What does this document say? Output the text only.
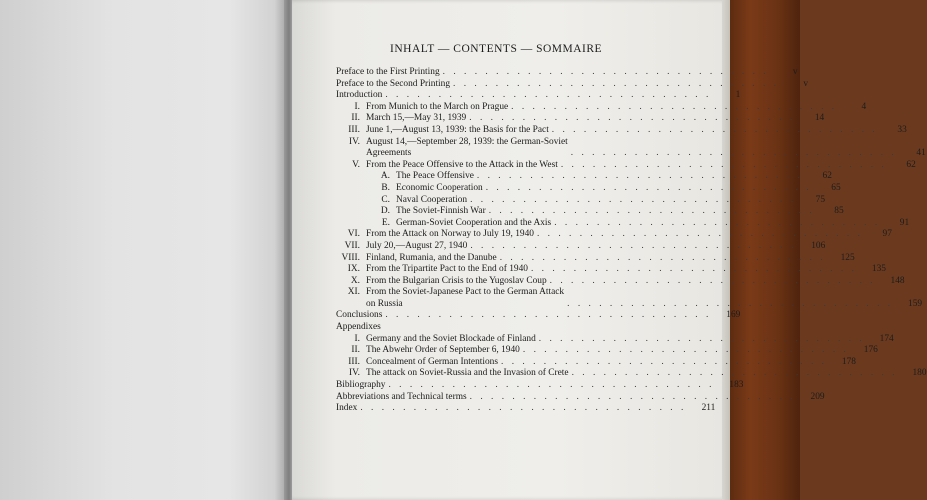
INHALT — CONTENTS — SOMMAIRE
Preface to the First Printing . . . . . . . . . . . . . . . . . . . . . . . . . . . . . . .	v
Preface to the Second Printing . . . . . . . . . . . . . . . . . . . . . . . . . . . . . . .	v
Introduction . . . . . . . . . . . . . . . . . . . . . . . . . . . . . . .	1
I. From Munich to the March on Prague . . . . . . . . . . . . . . . . . . . . . . . . . . . . . . .	4
II. March 15,—May 31, 1939 . . . . . . . . . . . . . . . . . . . . . . . . . . . . . . .	14
III. June 1,—August 13, 1939: the Basis for the Pact . . . . . . . . . . . . . . . . . . . . . . . . . . . . . . .	33
IV. August 14,—September 28, 1939: the German-Soviet
Agreements	. . . . . . . . . . . . . . . . . . . . . . . . . . . . . . .	41
V. From the Peace Offensive to the Attack in the West . . . . . . . . . . . . . . . . . . . . . . . . . . . . . . .	62
A. The Peace Offensive . . . . . . . . . . . . . . . . . . . . . . . . . . . . . . .	62
B. Economic Cooperation . . . . . . . . . . . . . . . . . . . . . . . . . . . . . . .	65
C. Naval Cooperation . . . . . . . . . . . . . . . . . . . . . . . . . . . . . . .	75
D. The Soviet-Finnish War . . . . . . . . . . . . . . . . . . . . . . . . . . . . . . .	85
E. German-Soviet Cooperation and the Axis . . . . . . . . . . . . . . . . . . . . . . . . . . . . . . .	91
VI. From the Attack on Norway to July 19, 1940 . . . . . . . . . . . . . . . . . . . . . . . . . . . . . . .	97
VII. July 20,—August 27, 1940 . . . . . . . . . . . . . . . . . . . . . . . . . . . . . . .	106
VIII. Finland, Rumania, and the Danube . . . . . . . . . . . . . . . . . . . . . . . . . . . . . . .	125
IX. From the Tripartite Pact to the End of 1940 . . . . . . . . . . . . . . . . . . . . . . . . . . . . . . .	135
X. From the Bulgarian Crisis to the Yugoslav Coup . . . . . . . . . . . . . . . . . . . . . . . . . . . . . . .	148
XI. From the Soviet-Japanese Pact to the German Attack
on Russia	. . . . . . . . . . . . . . . . . . . . . . . . . . . . . . .	159
Conclusions . . . . . . . . . . . . . . . . . . . . . . . . . . . . . . .	169
Appendixes
I. Germany and the Soviet Blockade of Finland . . . . . . . . . . . . . . . . . . . . . . . . . . . . . . .	174
II. The Abwehr Order of September 6, 1940 . . . . . . . . . . . . . . . . . . . . . . . . . . . . . . .	176
III. Concealment of German Intentions . . . . . . . . . . . . . . . . . . . . . . . . . . . . . . .	178
IV. The attack on Soviet-Russia and the Invasion of Crete . . . . . . . . . . . . . . . . . . . . . . . . . . . . . . .	180
Bibliography . . . . . . . . . . . . . . . . . . . . . . . . . . . . . . .	183
Abbreviations and Technical terms . . . . . . . . . . . . . . . . . . . . . . . . . . . . . . .	209
Index . . . . . . . . . . . . . . . . . . . . . . . . . . . . . . .	211
